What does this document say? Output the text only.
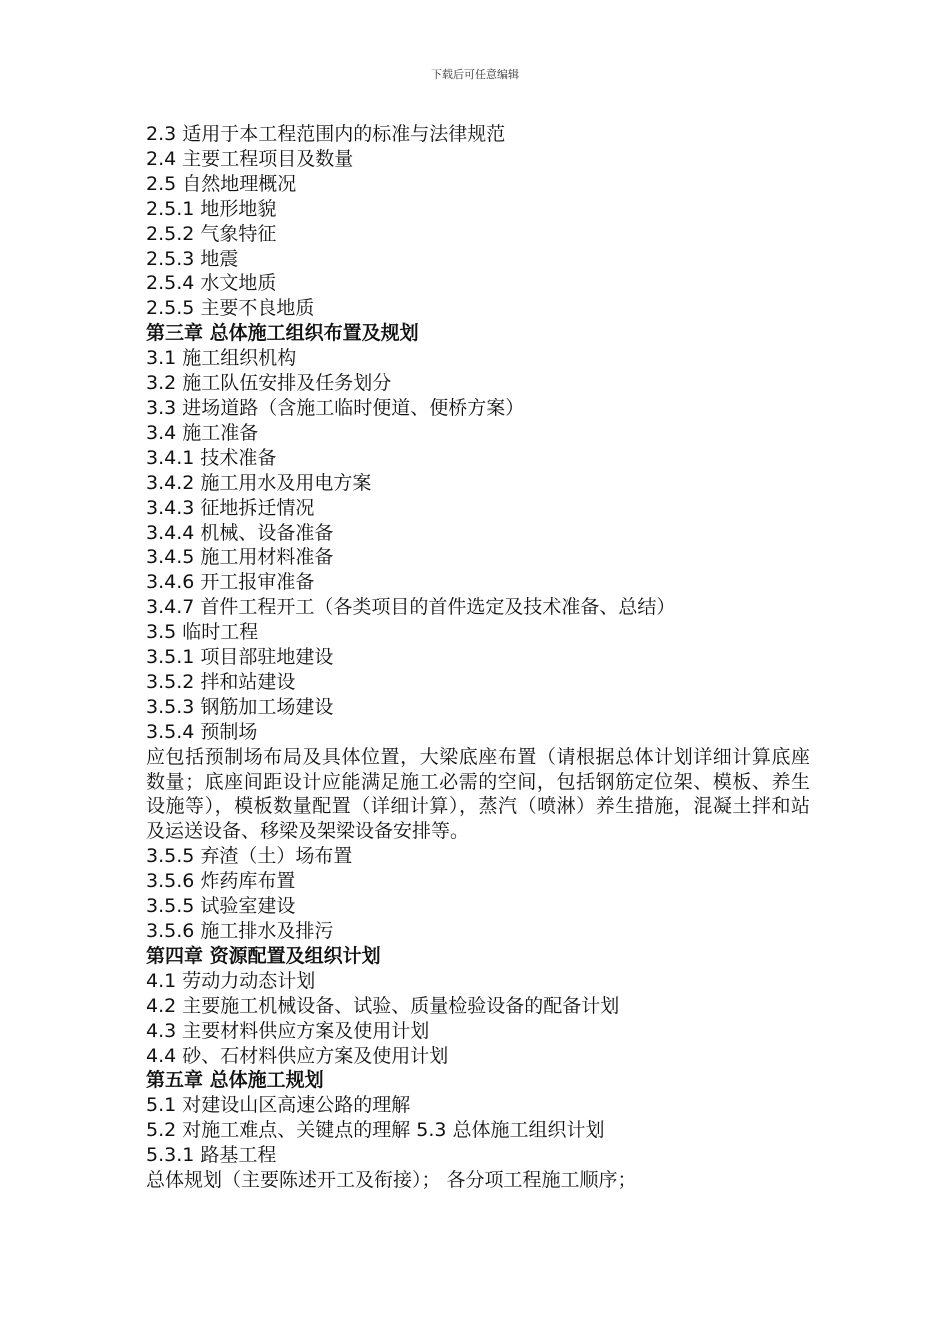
下载后可任意编辑

2.3 适用于本工程范围内的标准与法律规范

2.4 主要工程项目及数量

2.5 自然地理概况

2.5.1 地形地貌

2.5.2 气象特征

2.5.3 地震

2.5.4 水文地质

2.5.5 主要不良地质

第三章 总体施工组织布置及规划

3.1 施工组织机构

3.2 施工队伍安排及任务划分

3.3 进场道路（含施工临时便道、便桥方案）

3.4 施工准备

3.4.1 技术准备

3.4.2 施工用水及用电方案

3.4.3 征地拆迁情况

3.4.4 机械、设备准备

3.4.5 施工用材料准备

3.4.6 开工报审准备

3.4.7 首件工程开工（各类项目的首件选定及技术准备、总结）

3.5 临时工程

3.5.1 项目部驻地建设

3.5.2 拌和站建设

3.5.3 钢筋加工场建设

3.5.4 预制场

应包括预制场布局及具体位置，大梁底座布置（请根据总体计划详细计算底座数量；底座间距设计应能满足施工必需的空间，包括钢筋定位架、模板、养生设施等），模板数量配置（详细计算），蒸汽（喷淋）养生措施，混凝土拌和站及运送设备、移梁及架梁设备安排等。

3.5.5 弃渣（土）场布置

3.5.6 炸药库布置

3.5.5 试验室建设

3.5.6 施工排水及排污

第四章 资源配置及组织计划

4.1 劳动力动态计划

4.2 主要施工机械设备、试验、质量检验设备的配备计划

4.3 主要材料供应方案及使用计划

4.4 砂、石材料供应方案及使用计划

第五章 总体施工规划

5.1 对建设山区高速公路的理解

5.2 对施工难点、关键点的理解 5.3 总体施工组织计划

5.3.1 路基工程

总体规划（主要陈述开工及衔接）； 各分项工程施工顺序；
